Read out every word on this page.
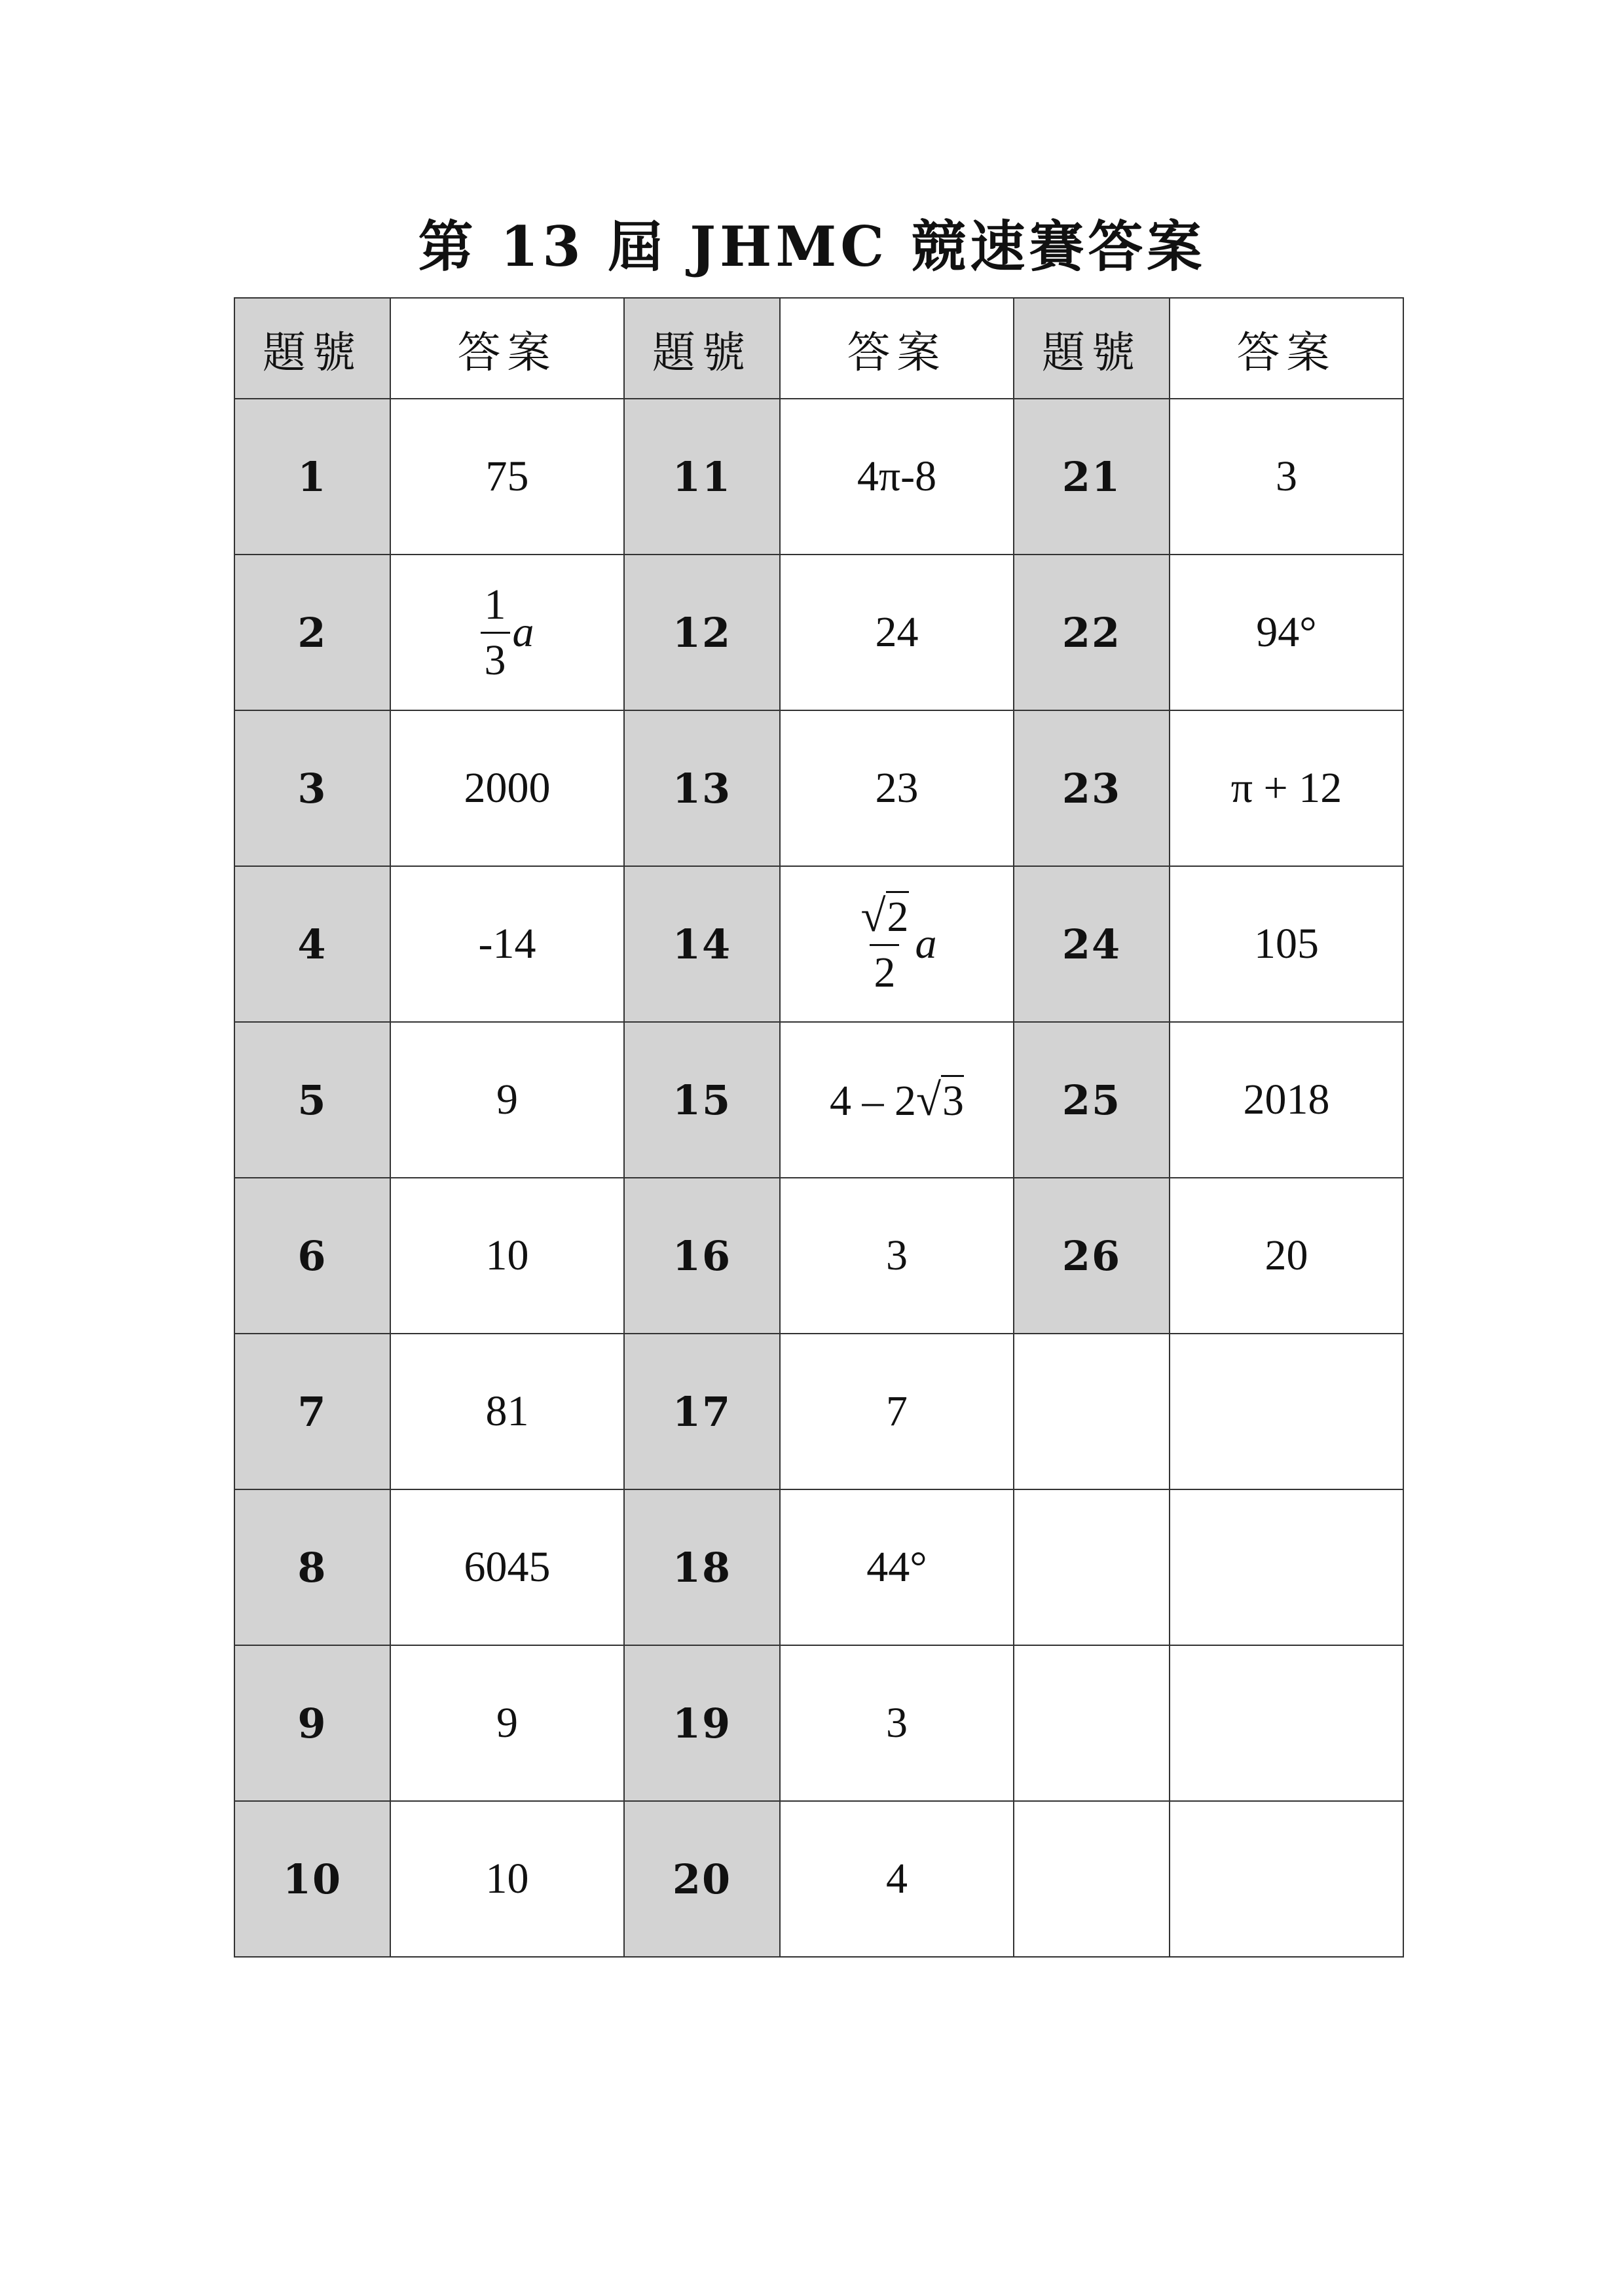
第 13 屆 JHMC 競速賽答案
題號	答案	題號	答案	題號	答案
1	75	11	4π-8	21	3
2	$\frac{1}{3}$ a	12	24	22	94°
3	2000	13	23	23	π + 12
4	-14	14	$\frac{√2}{2}$ a	24	105
5	9	15	4 – 2√3	25	2018
6	10	16	3	26	20
7	81	17	7		
8	6045	18	44°		
9	9	19	3		
10	10	20	4		
